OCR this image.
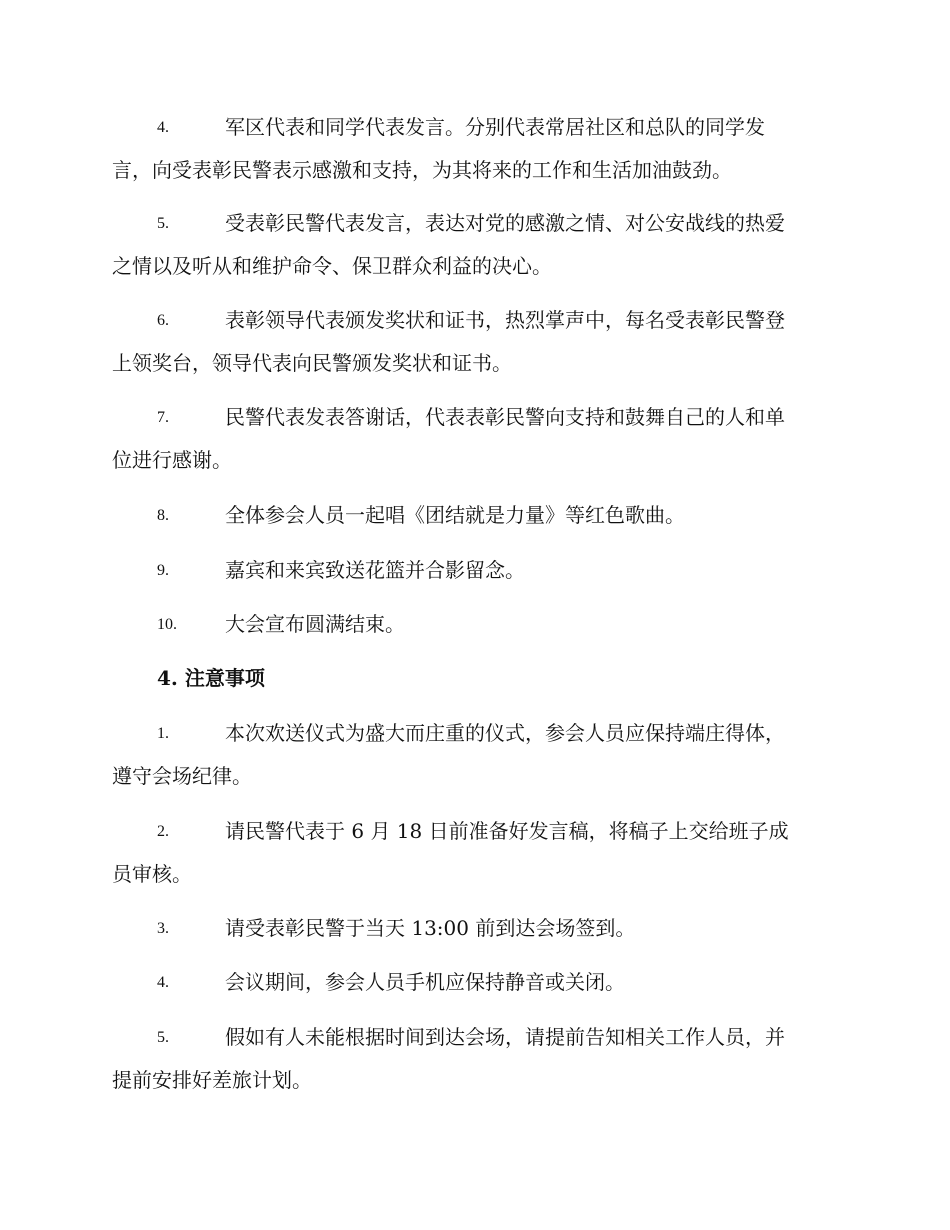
4.	军区代表和同学代表发言。分别代表常居社区和总队的同学发
言，向受表彰民警表示感激和支持，为其将来的工作和生活加油鼓劲。

5.	受表彰民警代表发言，表达对党的感激之情、对公安战线的热爱
之情以及听从和维护命令、保卫群众利益的决心。

6.	表彰领导代表颁发奖状和证书，热烈掌声中，每名受表彰民警登
上领奖台，领导代表向民警颁发奖状和证书。

7.	民警代表发表答谢话，代表表彰民警向支持和鼓舞自己的人和单
位进行感谢。

8.	全体参会人员一起唱《团结就是力量》等红色歌曲。

9.	嘉宾和来宾致送花篮并合影留念。

10.	大会宣布圆满结束。

4. 注意事项

1.	本次欢送仪式为盛大而庄重的仪式，参会人员应保持端庄得体，
遵守会场纪律。

2.	请民警代表于 6 月 18 日前准备好发言稿，将稿子上交给班子成
员审核。

3.	请受表彰民警于当天 13:00 前到达会场签到。

4.	会议期间，参会人员手机应保持静音或关闭。

5.	假如有人未能根据时间到达会场，请提前告知相关工作人员，并
提前安排好差旅计划。
